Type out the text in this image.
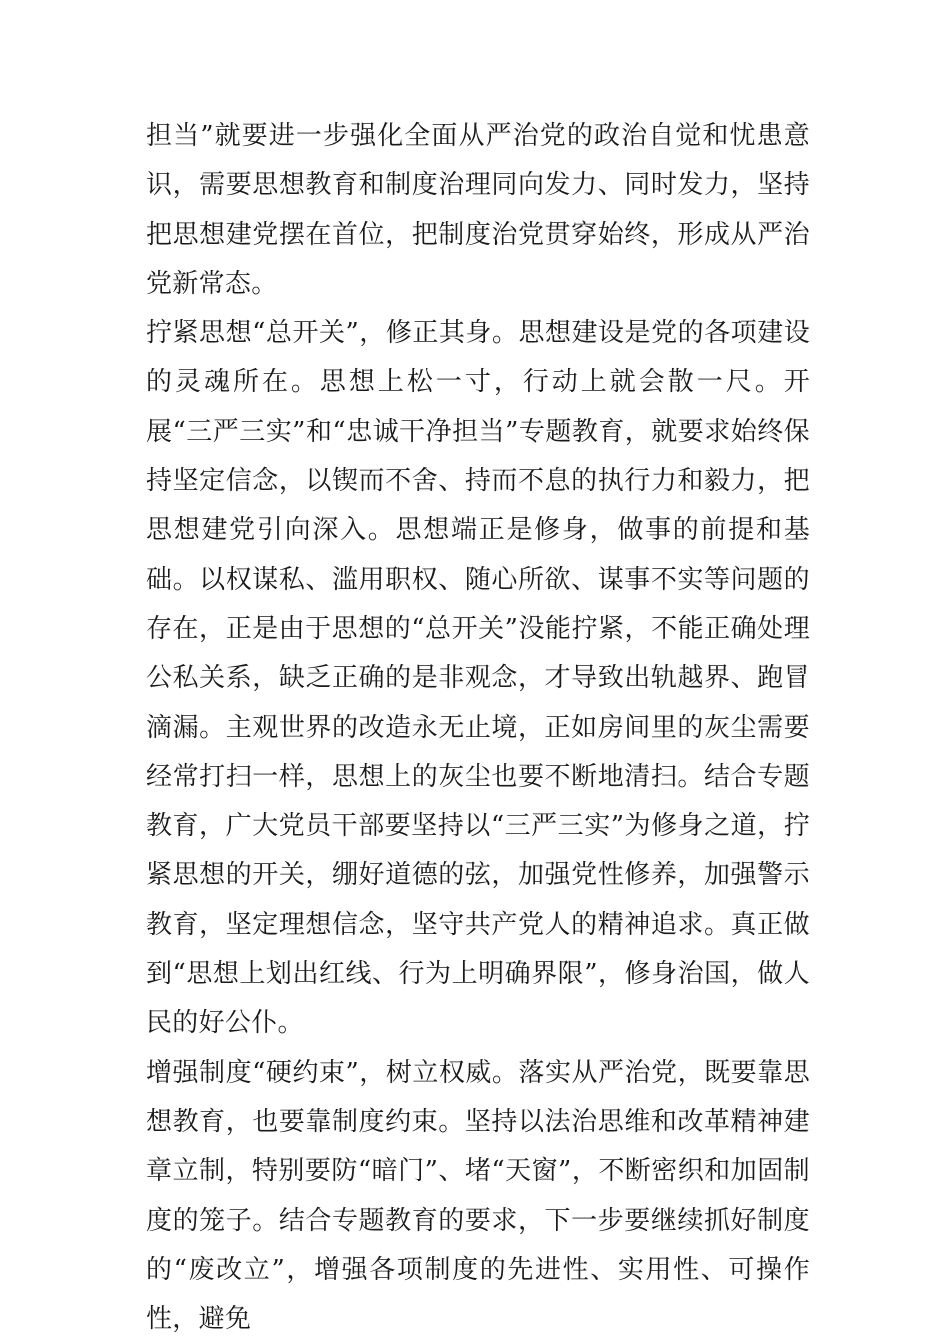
担当”就要进一步强化全面从严治党的政治自觉和忧患意识，需要思想教育和制度治理同向发力、同时发力，坚持把思想建党摆在首位，把制度治党贯穿始终，形成从严治党新常态。

拧紧思想“总开关”，修正其身。思想建设是党的各项建设的灵魂所在。思想上松一寸，行动上就会散一尺。开展“三严三实”和“忠诚干净担当”专题教育，就要求始终保持坚定信念，以锲而不舍、持而不息的执行力和毅力，把思想建党引向深入。思想端正是修身，做事的前提和基础。以权谋私、滥用职权、随心所欲、谋事不实等问题的存在，正是由于思想的“总开关”没能拧紧，不能正确处理公私关系，缺乏正确的是非观念，才导致出轨越界、跑冒滴漏。主观世界的改造永无止境，正如房间里的灰尘需要经常打扫一样，思想上的灰尘也要不断地清扫。结合专题教育，广大党员干部要坚持以“三严三实”为修身之道，拧紧思想的开关，绷好道德的弦，加强党性修养，加强警示教育，坚定理想信念，坚守共产党人的精神追求。真正做到“思想上划出红线、行为上明确界限”，修身治国，做人民的好公仆。

增强制度“硬约束”，树立权威。落实从严治党，既要靠思想教育，也要靠制度约束。坚持以法治思维和改革精神建章立制，特别要防“暗门”、堵“天窗”，不断密织和加固制度的笼子。结合专题教育的要求，下一步要继续抓好制度的“废改立”，增强各项制度的先进性、实用性、可操作性，避免
